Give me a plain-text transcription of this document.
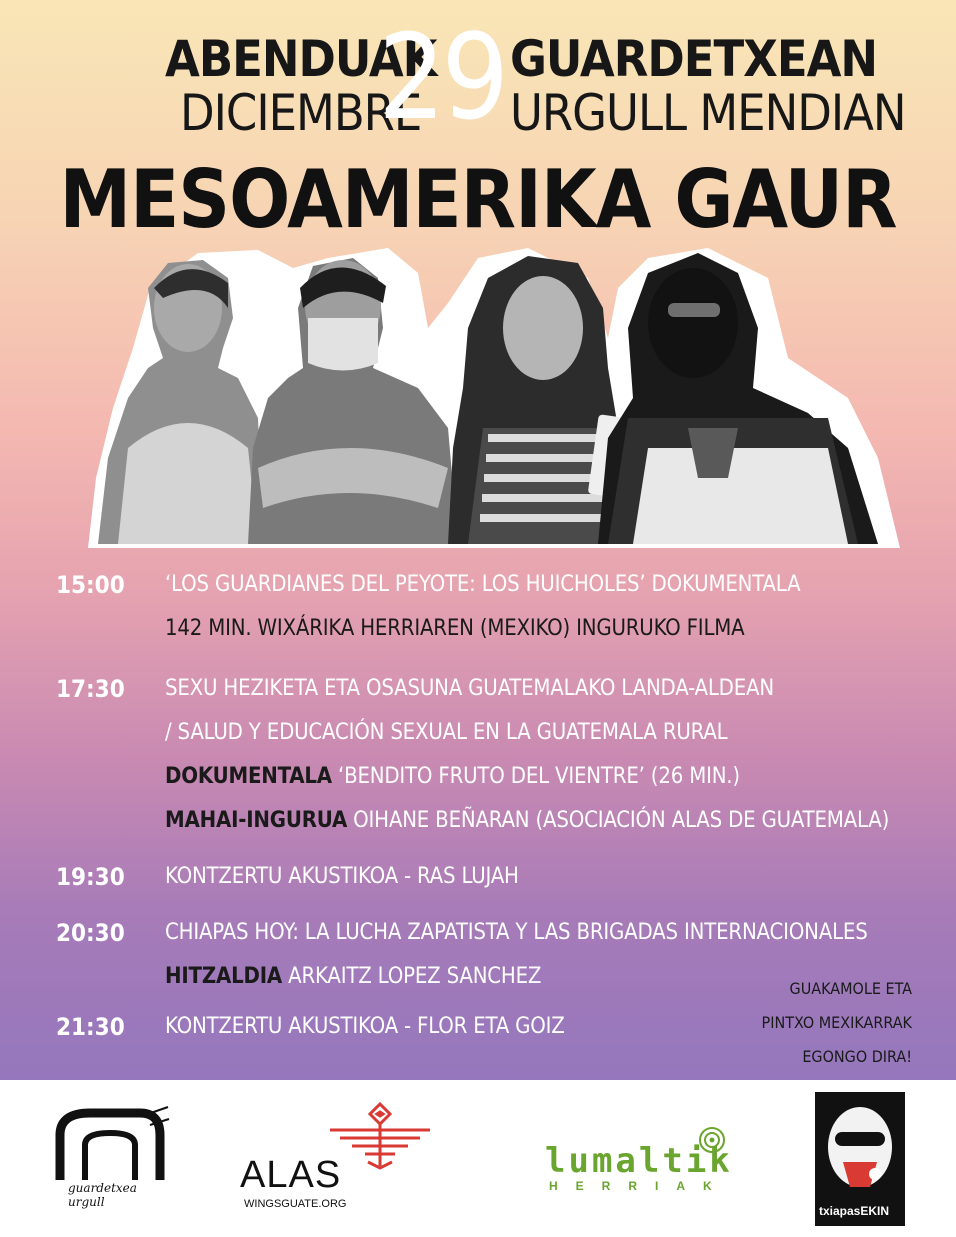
ABENDUAK
DICIEMBRE
29 GUARDETXEAN
URGULL MENDIAN
MESOAMERIKA GAUR
15:00 ‘LOS GUARDIANES DEL PEYOTE: LOS HUICHOLES’ DOKUMENTALA
142 MIN. WIXÁRIKA HERRIAREN (MEXIKO) INGURUKO FILMA
17:30 SEXU HEZIKETA ETA OSASUNA GUATEMALAKO LANDA-ALDEAN
/ SALUD Y EDUCACIÓN SEXUAL EN LA GUATEMALA RURAL
DOKUMENTALA ‘BENDITO FRUTO DEL VIENTRE’ (26 MIN.)
MAHAI-INGURUA OIHANE BEÑARAN (ASOCIACIÓN ALAS DE GUATEMALA)
19:30 KONTZERTU AKUSTIKOA - RAS LUJAH
20:30 CHIAPAS HOY: LA LUCHA ZAPATISTA Y LAS BRIGADAS INTERNACIONALES
HITZALDIA ARKAITZ LOPEZ SANCHEZ
21:30 KONTZERTU AKUSTIKOA - FLOR ETA GOIZ
GUAKAMOLE ETA
PINTXO MEXIKARRAK
EGONGO DIRA!
guardetxea
urgull
ALAS
WINGSGUATE.ORG
lumaltik
HERRIAK
txiapasEKIN
